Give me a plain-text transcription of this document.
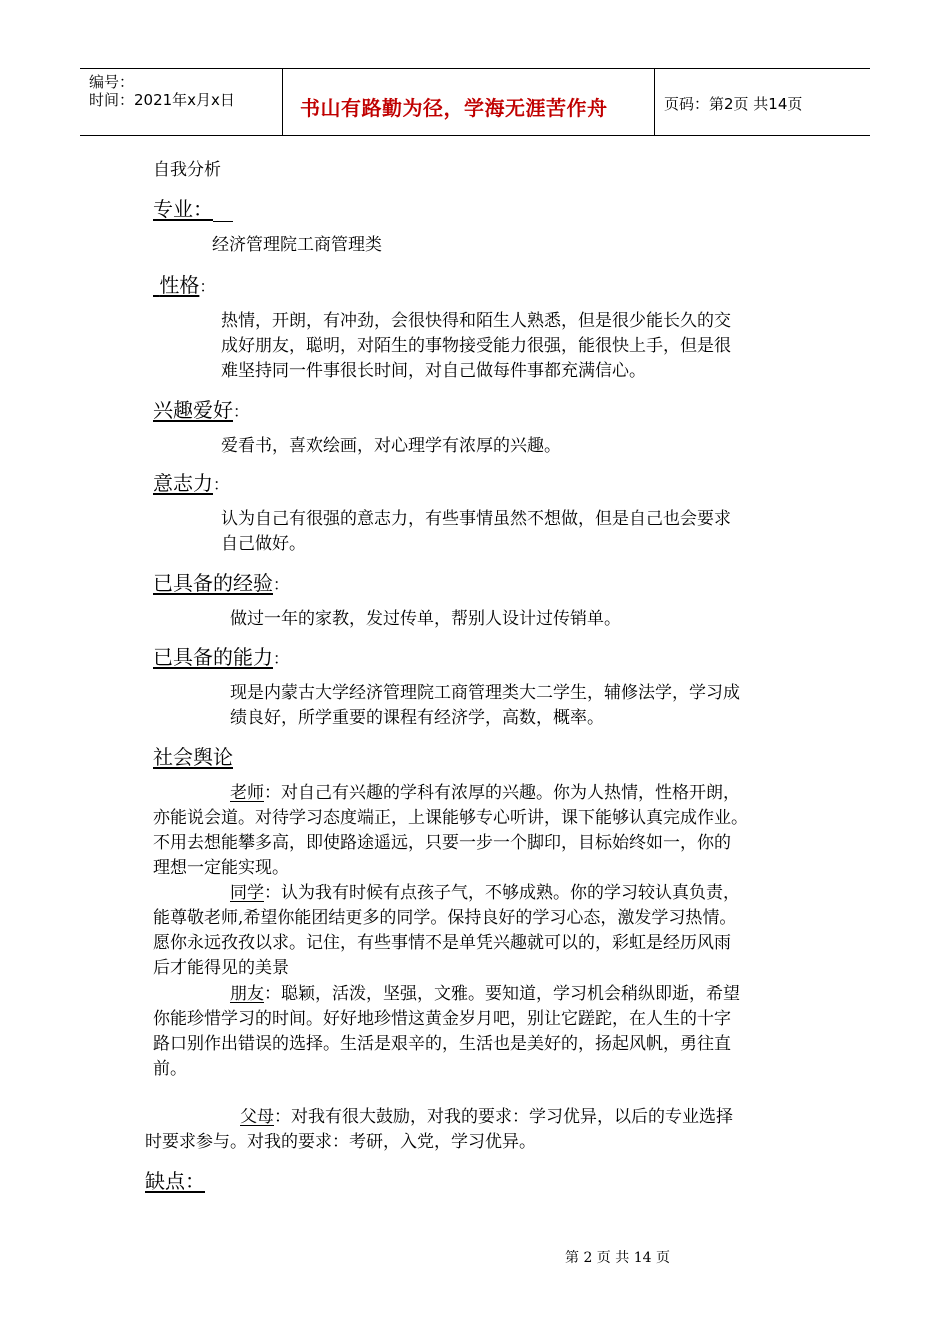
编号：
时间：2021年x月x日	书山有路勤为径，学海无涯苦作舟	页码：第2页 共14页
自我分析
专业：
经济管理院工商管理类
性格：
热情，开朗，有冲劲，会很快得和陌生人熟悉，但是很少能长久的交
成好朋友，聪明，对陌生的事物接受能力很强，能很快上手，但是很
难坚持同一件事很长时间，对自己做每件事都充满信心。
兴趣爱好：
爱看书，喜欢绘画，对心理学有浓厚的兴趣。
意志力：
认为自己有很强的意志力，有些事情虽然不想做，但是自己也会要求
自己做好。
已具备的经验：
做过一年的家教，发过传单，帮别人设计过传销单。
已具备的能力：
现是内蒙古大学经济管理院工商管理类大二学生，辅修法学，学习成
绩良好，所学重要的课程有经济学，高数，概率。
社会舆论
老师：对自己有兴趣的学科有浓厚的兴趣。你为人热情，性格开朗，
亦能说会道。对待学习态度端正，上课能够专心听讲，课下能够认真完成作业。
不用去想能攀多高，即使路途遥远，只要一步一个脚印，目标始终如一，你的
理想一定能实现。
同学：认为我有时候有点孩子气，不够成熟。你的学习较认真负责，
能尊敬老师,希望你能团结更多的同学。保持良好的学习心态，激发学习热情。
愿你永远孜孜以求。记住，有些事情不是单凭兴趣就可以的，彩虹是经历风雨
后才能得见的美景
朋友：聪颖，活泼，坚强，文雅。要知道，学习机会稍纵即逝，希望
你能珍惜学习的时间。好好地珍惜这黄金岁月吧，别让它蹉跎，在人生的十字
路口别作出错误的选择。生活是艰辛的，生活也是美好的，扬起风帆，勇往直
前。
父母：对我有很大鼓励，对我的要求：学习优异，以后的专业选择
时要求参与。对我的要求：考研，入党，学习优异。
缺点：
第 2 页 共 14 页
